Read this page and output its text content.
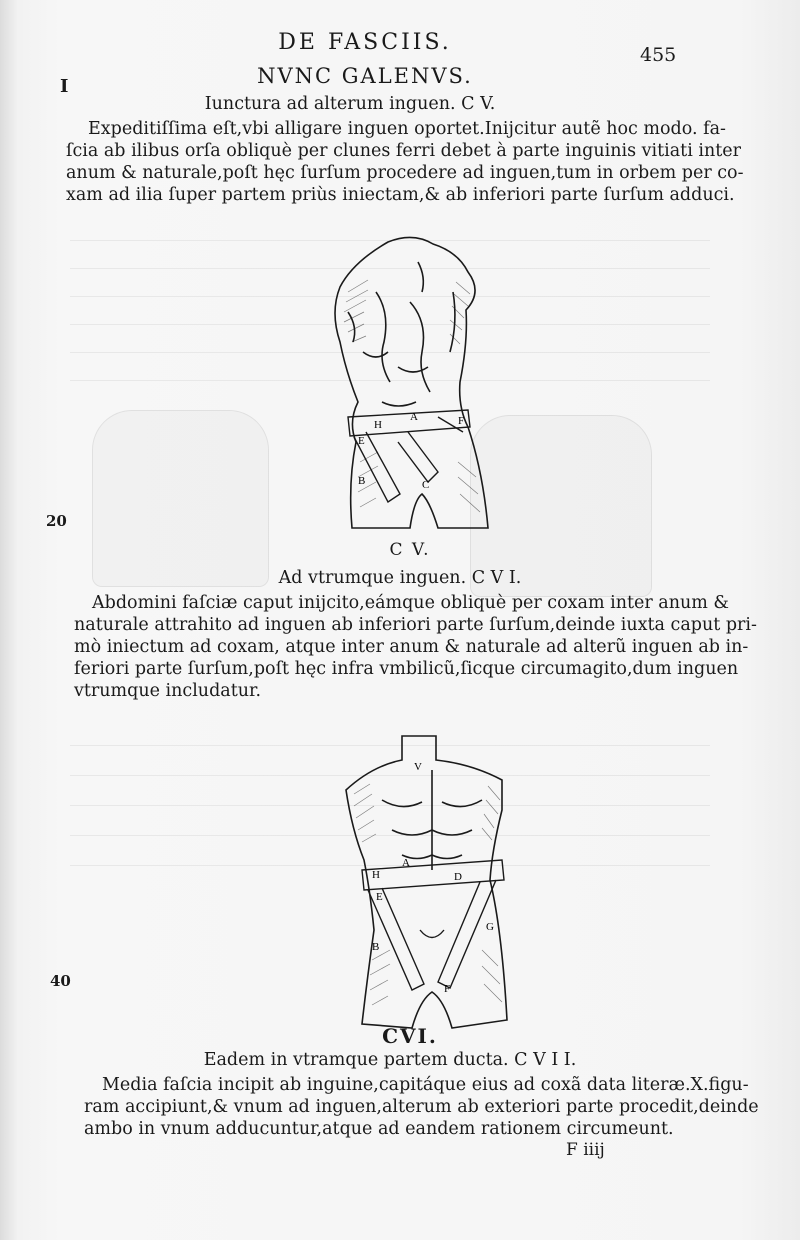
DE FASCIIS.	455
I	NVNC GALENVS.
Iunctura ad alterum inguen. C V.
Expeditiſſima eſt,vbi alligare inguen oportet.Inijcitur autẽ hoc modo. fa-
ſcia ab ilibus orſa obliquè per clunes ferri debet à parte inguinis vitiati inter
anum & naturale,poſt hęc ſurſum procedere ad inguen,tum in orbem per co-
xam ad ilia ſuper partem priùs iniectam,& ab inferiori parte ſurſum adduci.
A
H
E
B	C
F
C V.
20
Ad vtrumque inguen. C V I.
Abdomini faſciæ caput inijcito,eámque obliquè per coxam inter anum &
naturale attrahito ad inguen ab inferiori parte ſurſum,deinde iuxta caput pri-
mò iniectum ad coxam, atque inter anum & naturale ad alterũ inguen ab in-
feriori parte ſurſum,poſt hęc infra vmbilicũ,ſicque circumagito,dum inguen
vtrumque includatur.
V
A
H
E
D
B
G
F
CVI.
40
Eadem in vtramque partem ducta. C V I I.
Media faſcia incipit ab inguine,capitáque eius ad coxã data literæ.X.figu-
ram accipiunt,& vnum ad inguen,alterum ab exteriori parte procedit,deinde
ambo in vnum adducuntur,atque ad eandem rationem circumeunt.
F iiij
